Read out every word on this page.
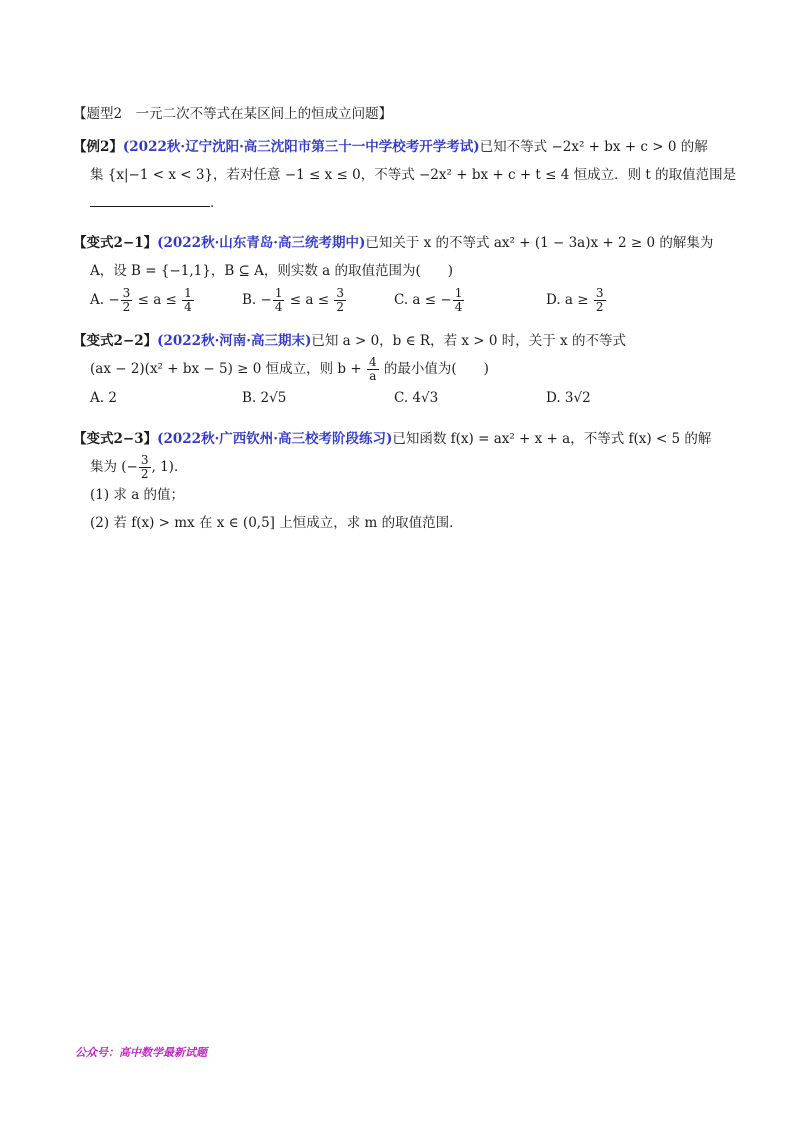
【题型2　一元二次不等式在某区间上的恒成立问题】
【例2】(2022秋·辽宁沈阳·高三沈阳市第三十一中学校考开学考试)已知不等式 −2x² + bx + c > 0 的解
集 {x|−1 < x < 3}，若对任意 −1 ≤ x ≤ 0，不等式 −2x² + bx + c + t ≤ 4 恒成立．则 t 的取值范围是
．
【变式2−1】(2022秋·山东青岛·高三统考期中)已知关于 x 的不等式 ax² + (1 − 3a)x + 2 ≥ 0 的解集为
A，设 B = {−1,1}，B ⊆ A，则实数 a 的取值范围为(　　)
A. − $\frac{3}{2} \le a \le \frac{1}{4}$	B. − $\frac{1}{4} \le a \le \frac{3}{2}$	C. a ≤ − $\frac{1}{4}$	D. $a \ge \frac{3}{2}$
【变式2−2】(2022秋·河南·高三期末)已知 a > 0，b ∈ R，若 x > 0 时，关于 x 的不等式
(ax − 2)(x² + bx − 5) ≥ 0 恒成立，则 $b + \frac{4}{a}$ 的最小值为(　　)
A. 2	B. 2√5	C. 4√3	D. 3√2
【变式2−3】(2022秋·广西钦州·高三校考阶段练习)已知函数 f(x) = ax² + x + a，不等式 f(x) < 5 的解
集为 (− $\frac{3}{2}$ , 1)．
(1) 求 a 的值；
(2) 若 f(x) > mx 在 x ∈ (0,5] 上恒成立，求 m 的取值范围．
公众号：高中数学最新试题
